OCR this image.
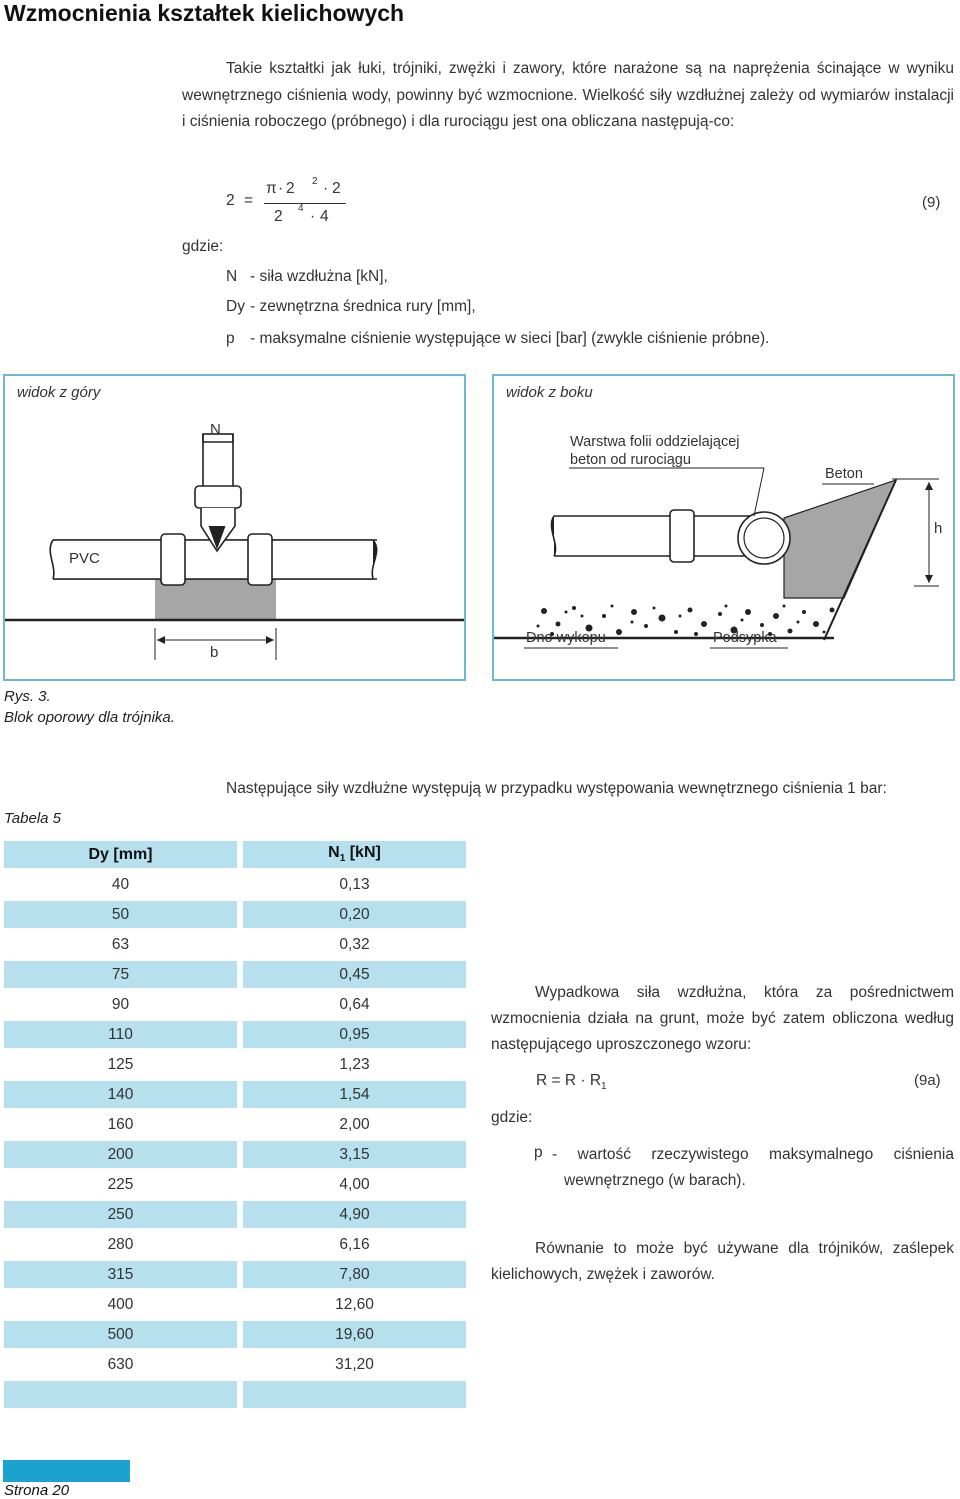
Wzmocnienia kształtek kielichowych
Takie kształtki jak łuki, trójniki, zwężki i zawory, które narażone są na naprężenia ścinające w wyniku wewnętrznego ciśnienia wody, powinny być wzmocnione. Wielkość siły wzdłużnej zależy od wymiarów instalacji i ciśnienia roboczego (próbnego) i dla rurociągu jest ona obliczana następują-co:
2 =
π · 2 2 · 2
2 4 · 4
(9)
gdzie:
N - siła wzdłużna [kN],
Dy - zewnętrzna średnica rury [mm],
p - maksymalne ciśnienie występujące w sieci [bar] (zwykle ciśnienie próbne).
widok z góry
N
PVC
b
widok z boku
Warstwa folii oddzielającej
beton od rurociągu
Beton
h
Dno wykopu	Podsypka
Rys. 3.
Blok oporowy dla trójnika.
Następujące siły wzdłużne występują w przypadku występowania wewnętrznego ciśnienia 1 bar:
Tabela 5
Dy [mm]		$N_1$ [kN]
40		0,13
50		0,20
63		0,32
75		0,45
90		0,64
110		0,95
125		1,23
140		1,54
160		2,00
200		3,15
225		4,00
250		4,90
280		6,16
315		7,80
400		12,60
500		19,60
630		31,20

Wypadkowa siła wzdłużna, która za pośrednictwem wzmocnienia działa na grunt, może być zatem obliczona według następującego uproszczonego wzoru:
$R = R \cdot R_1$	(9a)
gdzie:
p - wartość rzeczywistego maksymalnego ciśnienia wewnętrznego (w barach).
Równanie to może być używane dla trójników, zaślepek kielichowych, zwężek i zaworów.
Strona 20
